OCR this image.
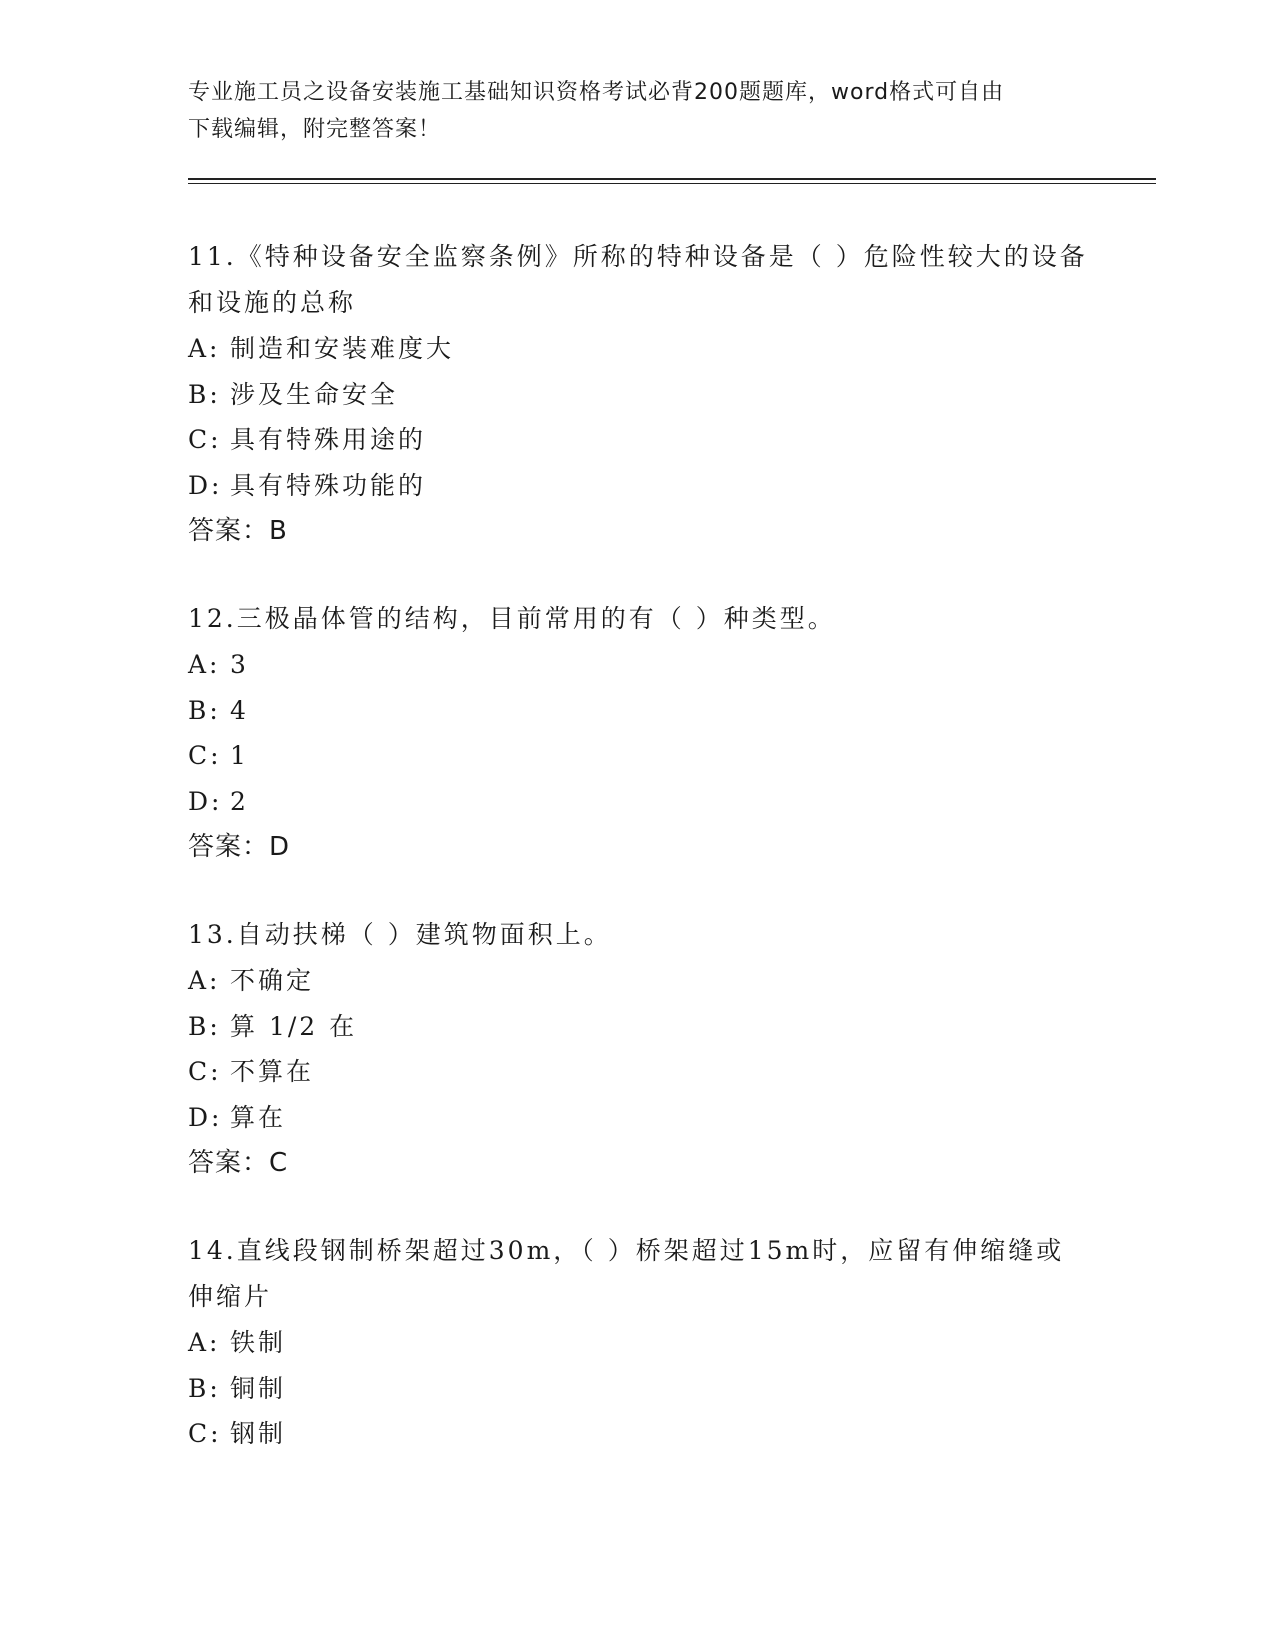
专业施工员之设备安装施工基础知识资格考试必背200题题库，word格式可自由
下载编辑，附完整答案！

11.《特种设备安全监察条例》所称的特种设备是（ ）危险性较大的设备和设施的总称

A: 制造和安装难度大

B: 涉及生命安全

C: 具有特殊用途的

D: 具有特殊功能的

答案：B

12.三极晶体管的结构，目前常用的有（ ）种类型。

A: 3

B: 4

C: 1

D: 2

答案：D

13.自动扶梯（ ）建筑物面积上。

A: 不确定

B: 算 1/2 在

C: 不算在

D: 算在

答案：C

14.直线段钢制桥架超过30m，（ ）桥架超过15m时，应留有伸缩缝或伸缩片

A: 铁制

B: 铜制

C: 钢制
